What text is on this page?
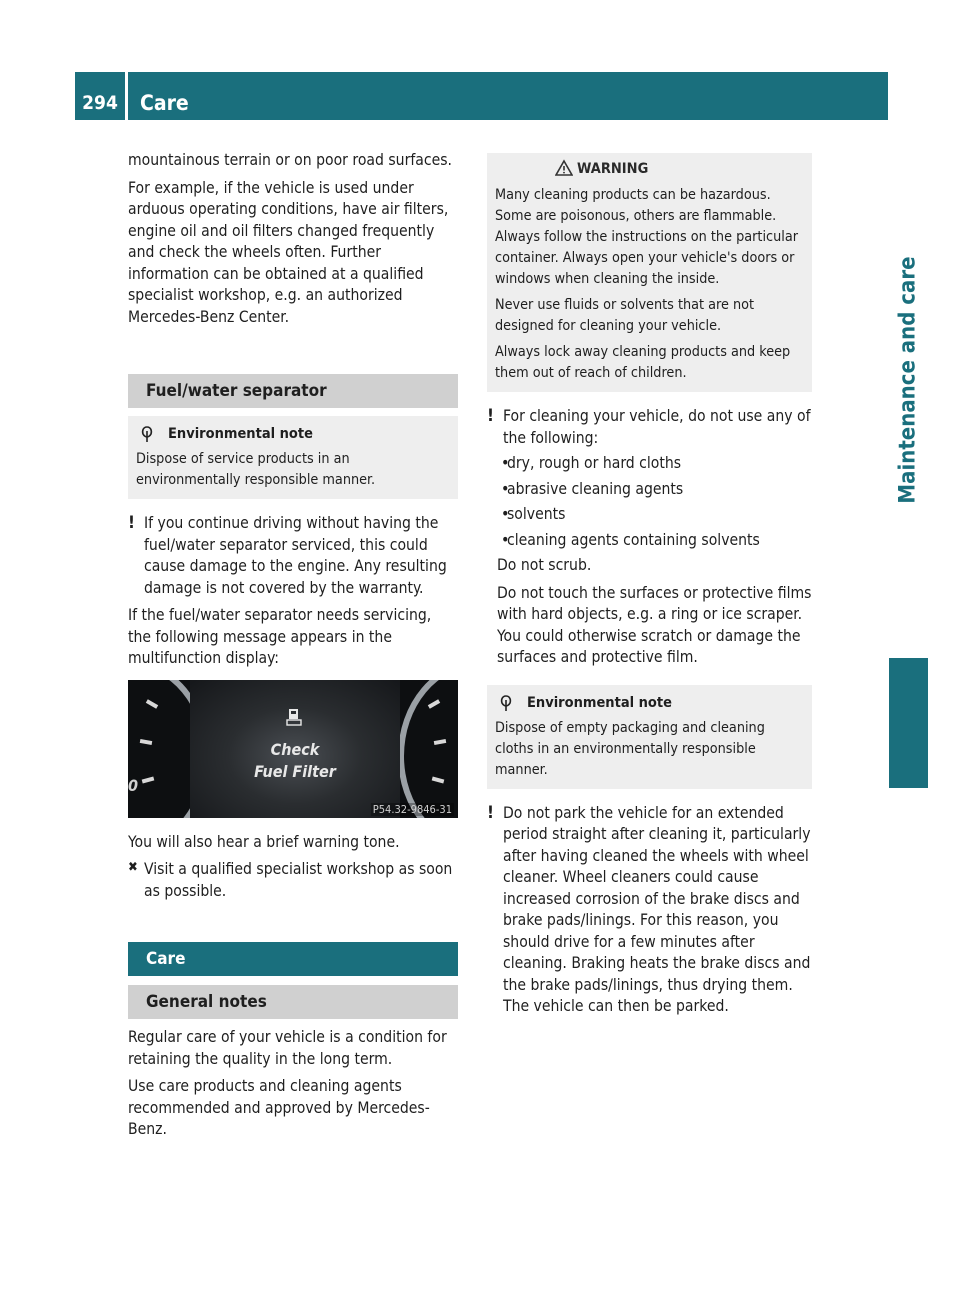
294	Care
Maintenance and care

mountainous terrain or on poor road surfaces.

For example, if the vehicle is used under arduous operating conditions, have air filters, engine oil and oil filters changed frequently and check the wheels often. Further information can be obtained at a qualified specialist workshop, e.g. an authorized Mercedes-Benz Center.

Fuel/water separator
Environmental note
Dispose of service products in an environmentally responsible manner.
! If you continue driving without having the fuel/water separator serviced, this could cause damage to the engine. Any resulting damage is not covered by the warranty.

If the fuel/water separator needs servicing, the following message appears in the multifunction display:

Check
Fuel Filter
0
P54.32-9846-31

You will also hear a brief warning tone.

✖ Visit a qualified specialist workshop as soon as possible.

Care
General notes

Regular care of your vehicle is a condition for retaining the quality in the long term.

Use care products and cleaning agents recommended and approved by Mercedes-Benz.

WARNING
Many cleaning products can be hazardous. Some are poisonous, others are flammable. Always follow the instructions on the particular container. Always open your vehicle's doors or windows when cleaning the inside.
Never use fluids or solvents that are not designed for cleaning your vehicle.
Always lock away cleaning products and keep them out of reach of children.
! For cleaning your vehicle, do not use any of the following:

•

dry, rough or hard cloths

•

abrasive cleaning agents

•

solvents

•

cleaning agents containing solvents

Do not scrub.

Do not touch the surfaces or protective films with hard objects, e.g. a ring or ice scraper. You could otherwise scratch or damage the surfaces and protective film.

Environmental note
Dispose of empty packaging and cleaning cloths in an environmentally responsible manner.
! Do not park the vehicle for an extended period straight after cleaning it, particularly after having cleaned the wheels with wheel cleaner. Wheel cleaners could cause increased corrosion of the brake discs and brake pads/linings. For this reason, you should drive for a few minutes after cleaning. Braking heats the brake discs and the brake pads/linings, thus drying them. The vehicle can then be parked.
